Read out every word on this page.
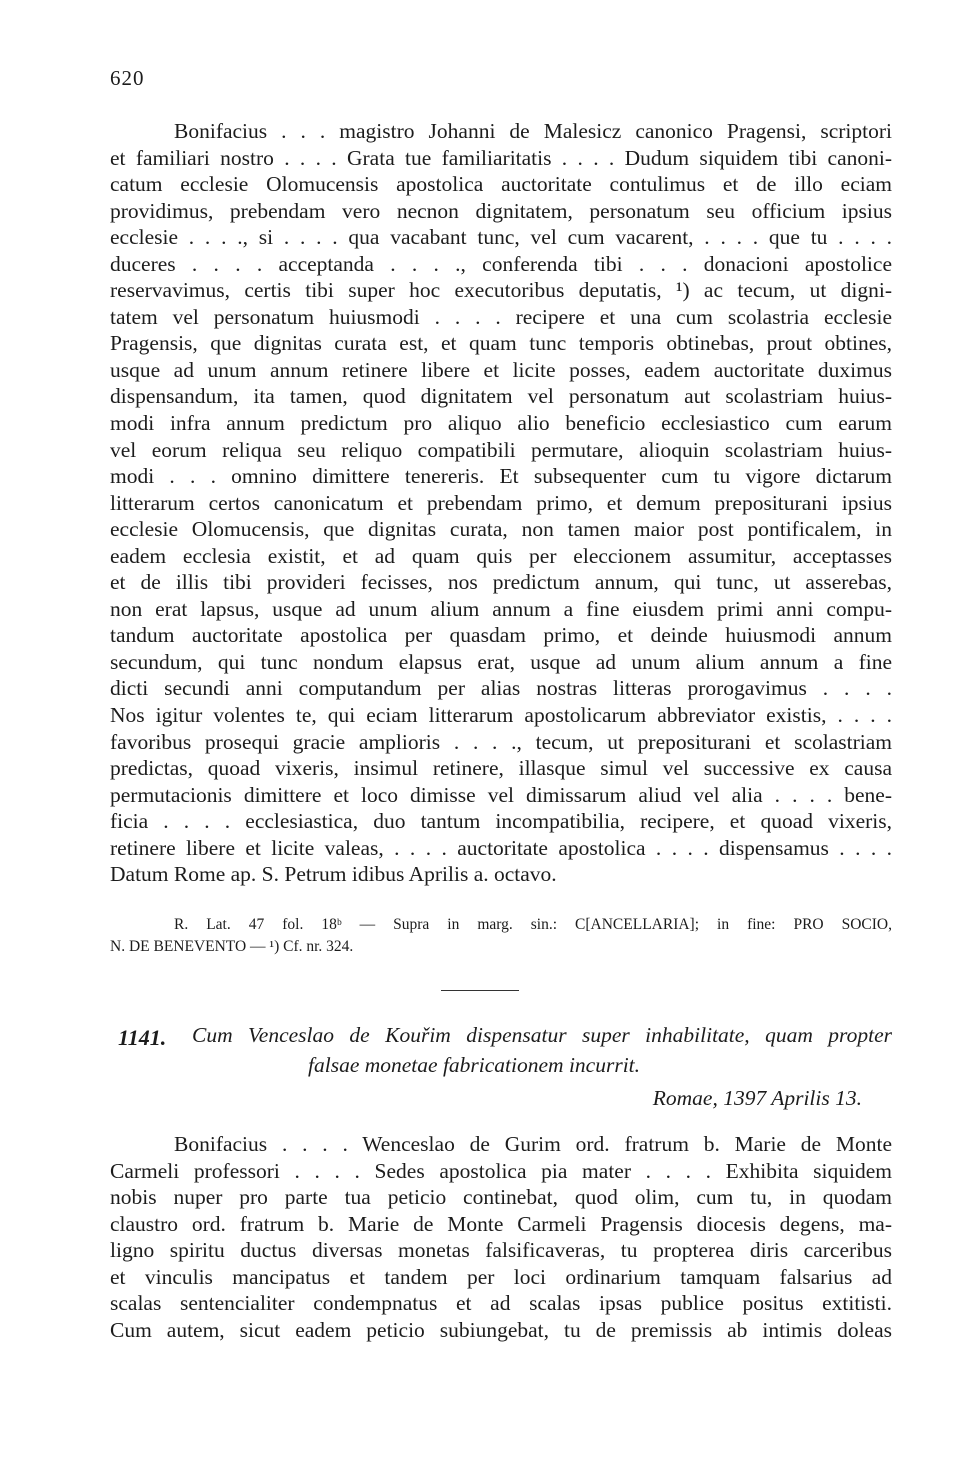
620
Bonifacius . . . magistro Johanni de Malesicz canonico Pragensi, scriptori
et familiari nostro . . . . Grata tue familiaritatis . . . . Dudum siquidem tibi canoni-
catum ecclesie Olomucensis apostolica auctoritate contulimus et de illo eciam
providimus, prebendam vero necnon dignitatem, personatum seu officium ipsius
ecclesie . . . ., si . . . . qua vacabant tunc, vel cum vacarent, . . . . que tu . . . .
duceres . . . . acceptanda . . . ., conferenda tibi . . . donacioni apostolice
reservavimus, certis tibi super hoc executoribus deputatis, ¹) ac tecum, ut digni-
tatem vel personatum huiusmodi . . . . recipere et una cum scolastria ecclesie
Pragensis, que dignitas curata est, et quam tunc temporis obtinebas, prout obtines,
usque ad unum annum retinere libere et licite posses, eadem auctoritate duximus
dispensandum, ita tamen, quod dignitatem vel personatum aut scolastriam huius-
modi infra annum predictum pro aliquo alio beneficio ecclesiastico cum earum
vel eorum reliqua seu reliquo compatibili permutare, alioquin scolastriam huius-
modi . . . omnino dimittere tenereris. Et subsequenter cum tu vigore dictarum
litterarum certos canonicatum et prebendam primo, et demum prepositurani ipsius
ecclesie Olomucensis, que dignitas curata, non tamen maior post pontificalem, in
eadem ecclesia existit, et ad quam quis per eleccionem assumitur, acceptasses
et de illis tibi provideri fecisses, nos predictum annum, qui tunc, ut asserebas,
non erat lapsus, usque ad unum alium annum a fine eiusdem primi anni compu-
tandum auctoritate apostolica per quasdam primo, et deinde huiusmodi annum
secundum, qui tunc nondum elapsus erat, usque ad unum alium annum a fine
dicti secundi anni computandum per alias nostras litteras prorogavimus . . . .
Nos igitur volentes te, qui eciam litterarum apostolicarum abbreviator existis, . . . .
favoribus prosequi gracie amplioris . . . ., tecum, ut prepositurani et scolastriam
predictas, quoad vixeris, insimul retinere, illasque simul vel successive ex causa
permutacionis dimittere et loco dimisse vel dimissarum aliud vel alia . . . . bene-
ficia . . . . ecclesiastica, duo tantum incompatibilia, recipere, et quoad vixeris,
retinere libere et licite valeas, . . . . auctoritate apostolica . . . . dispensamus . . . .
Datum Rome ap. S. Petrum idibus Aprilis a. octavo.
R. Lat. 47 fol. 18ᵇ — Supra in marg. sin.: C[ANCELLARIA]; in fine: PRO SOCIO,
N. DE BENEVENTO — ¹) Cf. nr. 324.
1141.	Cum Venceslao de Kouřim dispensatur super inhabilitate, quam propter
falsae monetae fabricationem incurrit.
Romae, 1397 Aprilis 13.
Bonifacius . . . . Wenceslao de Gurim ord. fratrum b. Marie de Monte
Carmeli professori . . . . Sedes apostolica pia mater . . . . Exhibita siquidem
nobis nuper pro parte tua peticio continebat, quod olim, cum tu, in quodam
claustro ord. fratrum b. Marie de Monte Carmeli Pragensis diocesis degens, ma-
ligno spiritu ductus diversas monetas falsificaveras, tu propterea diris carceribus
et vinculis mancipatus et tandem per loci ordinarium tamquam falsarius ad
scalas sentencialiter condempnatus et ad scalas ipsas publice positus extitisti.
Cum autem, sicut eadem peticio subiungebat, tu de premissis ab intimis doleas
